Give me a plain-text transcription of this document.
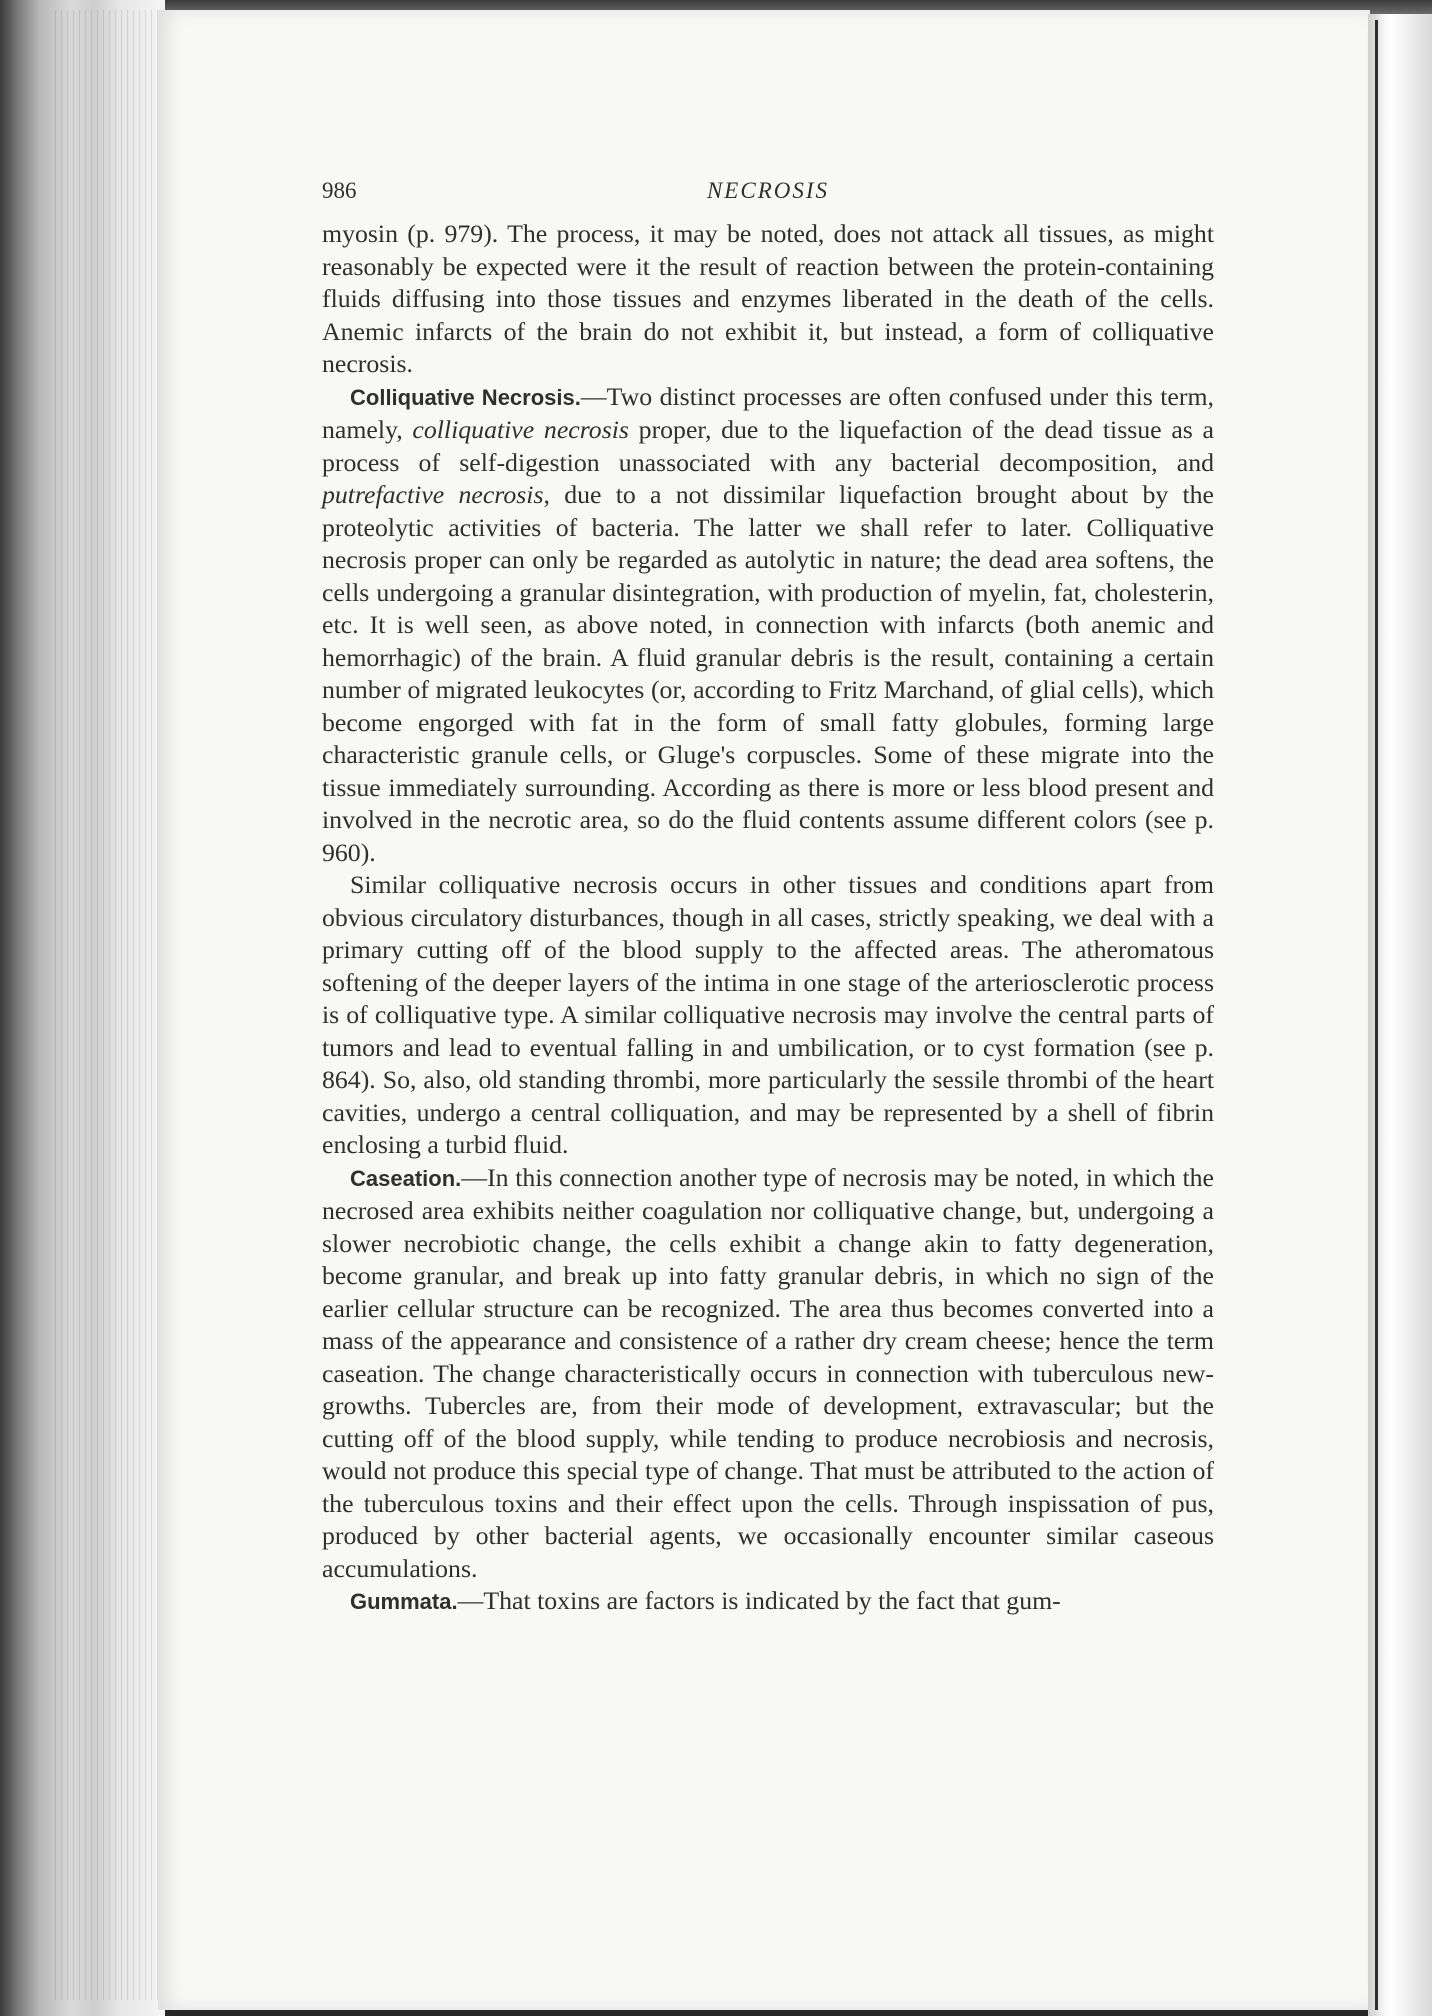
986	NECROSIS

myosin (p. 979). The process, it may be noted, does not attack all tissues, as might reasonably be expected were it the result of reaction between the protein-containing fluids diffusing into those tissues and enzymes liberated in the death of the cells. Anemic infarcts of the brain do not exhibit it, but instead, a form of colliquative necrosis.

Colliquative Necrosis.—Two distinct processes are often confused under this term, namely, colliquative necrosis proper, due to the liquefaction of the dead tissue as a process of self-digestion unassociated with any bacterial decomposition, and putrefactive necrosis, due to a not dissimilar liquefaction brought about by the proteolytic activities of bacteria. The latter we shall refer to later. Colliquative necrosis proper can only be regarded as autolytic in nature; the dead area softens, the cells undergoing a granular disintegration, with production of myelin, fat, cholesterin, etc. It is well seen, as above noted, in connection with infarcts (both anemic and hemorrhagic) of the brain. A fluid granular debris is the result, containing a certain number of migrated leukocytes (or, according to Fritz Marchand, of glial cells), which become engorged with fat in the form of small fatty globules, forming large characteristic granule cells, or Gluge's corpuscles. Some of these migrate into the tissue immediately surrounding. According as there is more or less blood present and involved in the necrotic area, so do the fluid contents assume different colors (see p. 960).

Similar colliquative necrosis occurs in other tissues and conditions apart from obvious circulatory disturbances, though in all cases, strictly speaking, we deal with a primary cutting off of the blood supply to the affected areas. The atheromatous softening of the deeper layers of the intima in one stage of the arteriosclerotic process is of colliquative type. A similar colliquative necrosis may involve the central parts of tumors and lead to eventual falling in and umbilication, or to cyst formation (see p. 864). So, also, old standing thrombi, more particularly the sessile thrombi of the heart cavities, undergo a central colliquation, and may be represented by a shell of fibrin enclosing a turbid fluid.

Caseation.—In this connection another type of necrosis may be noted, in which the necrosed area exhibits neither coagulation nor colliquative change, but, undergoing a slower necrobiotic change, the cells exhibit a change akin to fatty degeneration, become granular, and break up into fatty granular debris, in which no sign of the earlier cellular structure can be recognized. The area thus becomes converted into a mass of the appearance and consistence of a rather dry cream cheese; hence the term caseation. The change characteristically occurs in connection with tuberculous new-growths. Tubercles are, from their mode of development, extravascular; but the cutting off of the blood supply, while tending to produce necrobiosis and necrosis, would not produce this special type of change. That must be attributed to the action of the tuberculous toxins and their effect upon the cells. Through inspissation of pus, produced by other bacterial agents, we occasionally encounter similar caseous accumulations.

Gummata.—That toxins are factors is indicated by the fact that gum-
